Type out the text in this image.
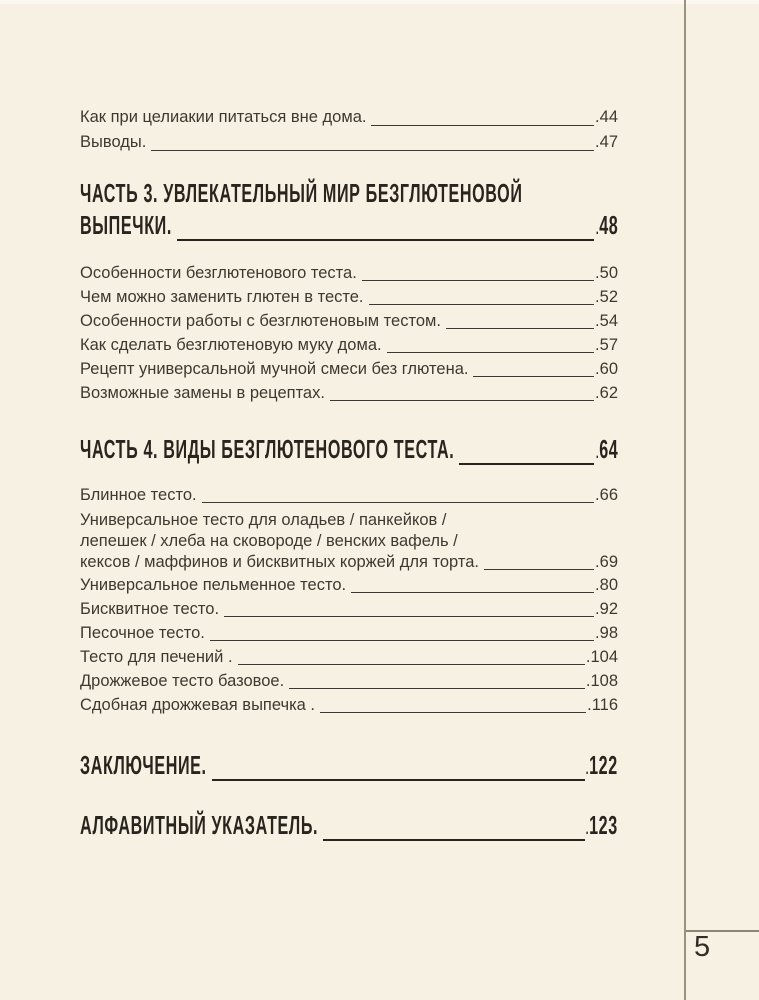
Как при целиакии питаться вне дома.	. 44
Выводы.	. 47
ЧАСТЬ 3. УВЛЕКАТЕЛЬНЫЙ МИР БЕЗГЛЮТЕНОВОЙ
ВЫПЕЧКИ.	. 48
Особенности безглютенового теста.	. 50
Чем можно заменить глютен в тесте.	. 52
Особенности работы с безглютеновым тестом.	. 54
Как сделать безглютеновую муку дома.	. 57
Рецепт универсальной мучной смеси без глютена.	. 60
Возможные замены в рецептах.	. 62
ЧАСТЬ 4. ВИДЫ БЕЗГЛЮТЕНОВОГО ТЕСТА.	. 64
Блинное тесто.	. 66
Универсальное тесто для оладьев / панкейков /
лепешек / хлеба на сковороде / венских вафель /
кексов / маффинов и бисквитных коржей для торта.	. 69
Универсальное пельменное тесто.	. 80
Бисквитное тесто.	. 92
Песочное тесто.	. 98
Тесто для печений .	. 104
Дрожжевое тесто базовое.	. 108
Сдобная дрожжевая выпечка .	. 116
ЗАКЛЮЧЕНИЕ.	. 122
АЛФАВИТНЫЙ УКАЗАТЕЛЬ.	. 123
5
